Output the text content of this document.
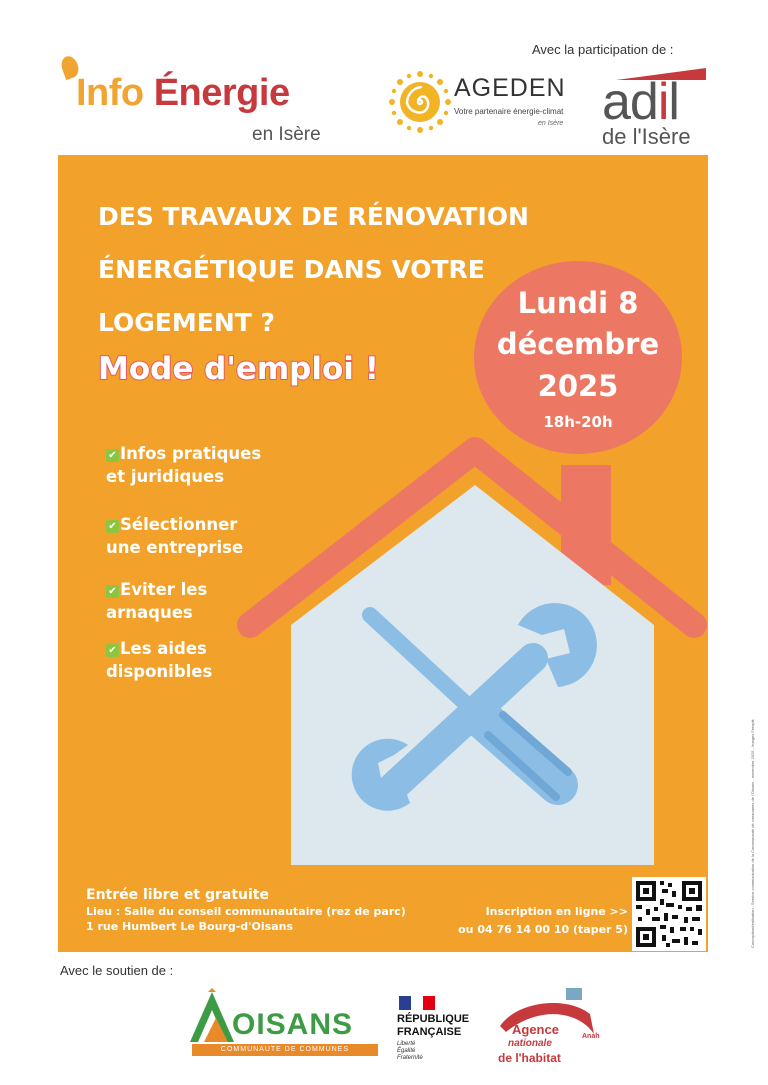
Avec la participation de :
Info Énergie
en Isère
AGEDEN
Votre partenaire énergie-climat
en Isère adil
de l'Isère
DES TRAVAUX DE RÉNOVATION
ÉNERGÉTIQUE DANS VOTRE
LOGEMENT ?
Mode d'emploi !
Lundi 8
décembre
2025
18h-20h
✔ Infos pratiques
et juridiques
✔ Sélectionner
une entreprise
✔ Eviter les
arnaques
✔ Les aides
disponibles
Entrée libre et gratuite
Lieu : Salle du conseil communautaire (rez de parc)
1 rue Humbert Le Bourg-d'Oisans
Inscription en ligne >>
ou 04 76 14 00 10 (taper 5)
Avec le soutien de :
OISANS
COMMUNAUTE DE COMMUNES
RÉPUBLIQUE
FRANÇAISE
Liberté
Égalité
Fraternité
Agence
nationale
de l'habitat
Anah
Conception/réalisation : Service communication de la Communauté de communes de l'Oisans - novembre 2025 - Images Freepik
